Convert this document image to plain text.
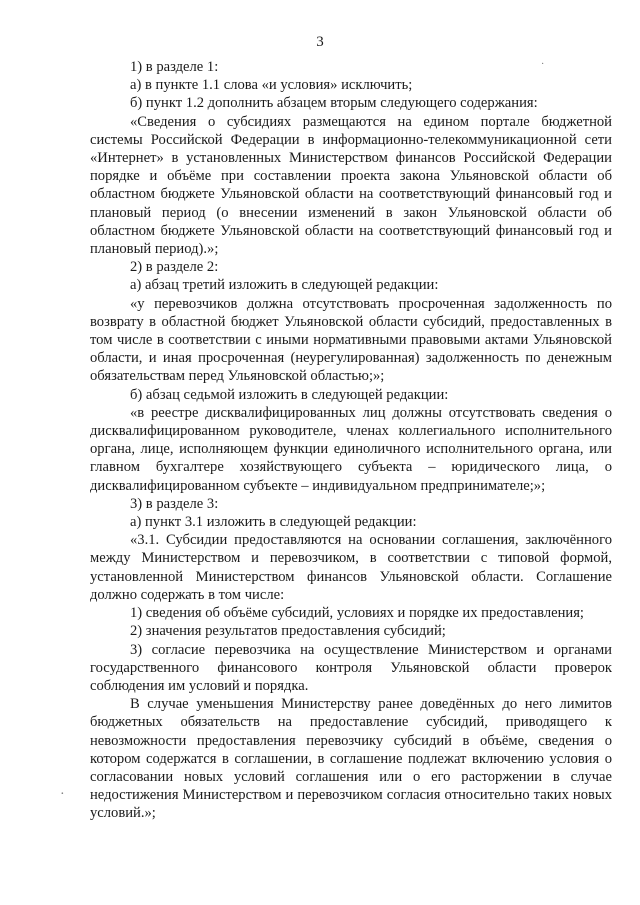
3
·
·

1) в разделе 1:

а) в пункте 1.1 слова «и условия» исключить;

б) пункт 1.2 дополнить абзацем вторым следующего содержания:

«Сведения о субсидиях размещаются на едином портале бюджетной системы Российской Федерации в информационно-телекоммуникационной сети «Интернет» в установленных Министерством финансов Российской Федерации порядке и объёме при составлении проекта закона Ульяновской области об областном бюджете Ульяновской области на соответствующий финансовый год и плановый период (о внесении изменений в закон Ульяновской области об областном бюджете Ульяновской области на соответствующий финансовый год и плановый период).»;

2) в разделе 2:

а) абзац третий изложить в следующей редакции:

«у перевозчиков должна отсутствовать просроченная задолженность по возврату в областной бюджет Ульяновской области субсидий, предоставленных в том числе в соответствии с иными нормативными правовыми актами Ульяновской области, и иная просроченная (неурегулированная) задолженность по денежным обязательствам перед Ульяновской областью;»;

б) абзац седьмой изложить в следующей редакции:

«в реестре дисквалифицированных лиц должны отсутствовать сведения о дисквалифицированном руководителе, членах коллегиального исполнительного органа, лице, исполняющем функции единоличного исполнительного органа, или главном бухгалтере хозяйствующего субъекта – юридического лица, о дисквалифицированном субъекте – индивидуальном предпринимателе;»;

3) в разделе 3:

а) пункт 3.1 изложить в следующей редакции:

«3.1. Субсидии предоставляются на основании соглашения, заключённого между Министерством и перевозчиком, в соответствии с типовой формой, установленной Министерством финансов Ульяновской области. Соглашение должно содержать в том числе:

1) сведения об объёме субсидий, условиях и порядке их предоставления;

2) значения результатов предоставления субсидий;

3) согласие перевозчика на осуществление Министерством и органами государственного финансового контроля Ульяновской области проверок соблюдения им условий и порядка.

В случае уменьшения Министерству ранее доведённых до него лимитов бюджетных обязательств на предоставление субсидий, приводящего к невозможности предоставления перевозчику субсидий в объёме, сведения о котором содержатся в соглашении, в соглашение подлежат включению условия о согласовании новых условий соглашения или о его расторжении в случае недостижения Министерством и перевозчиком согласия относительно таких новых условий.»;
